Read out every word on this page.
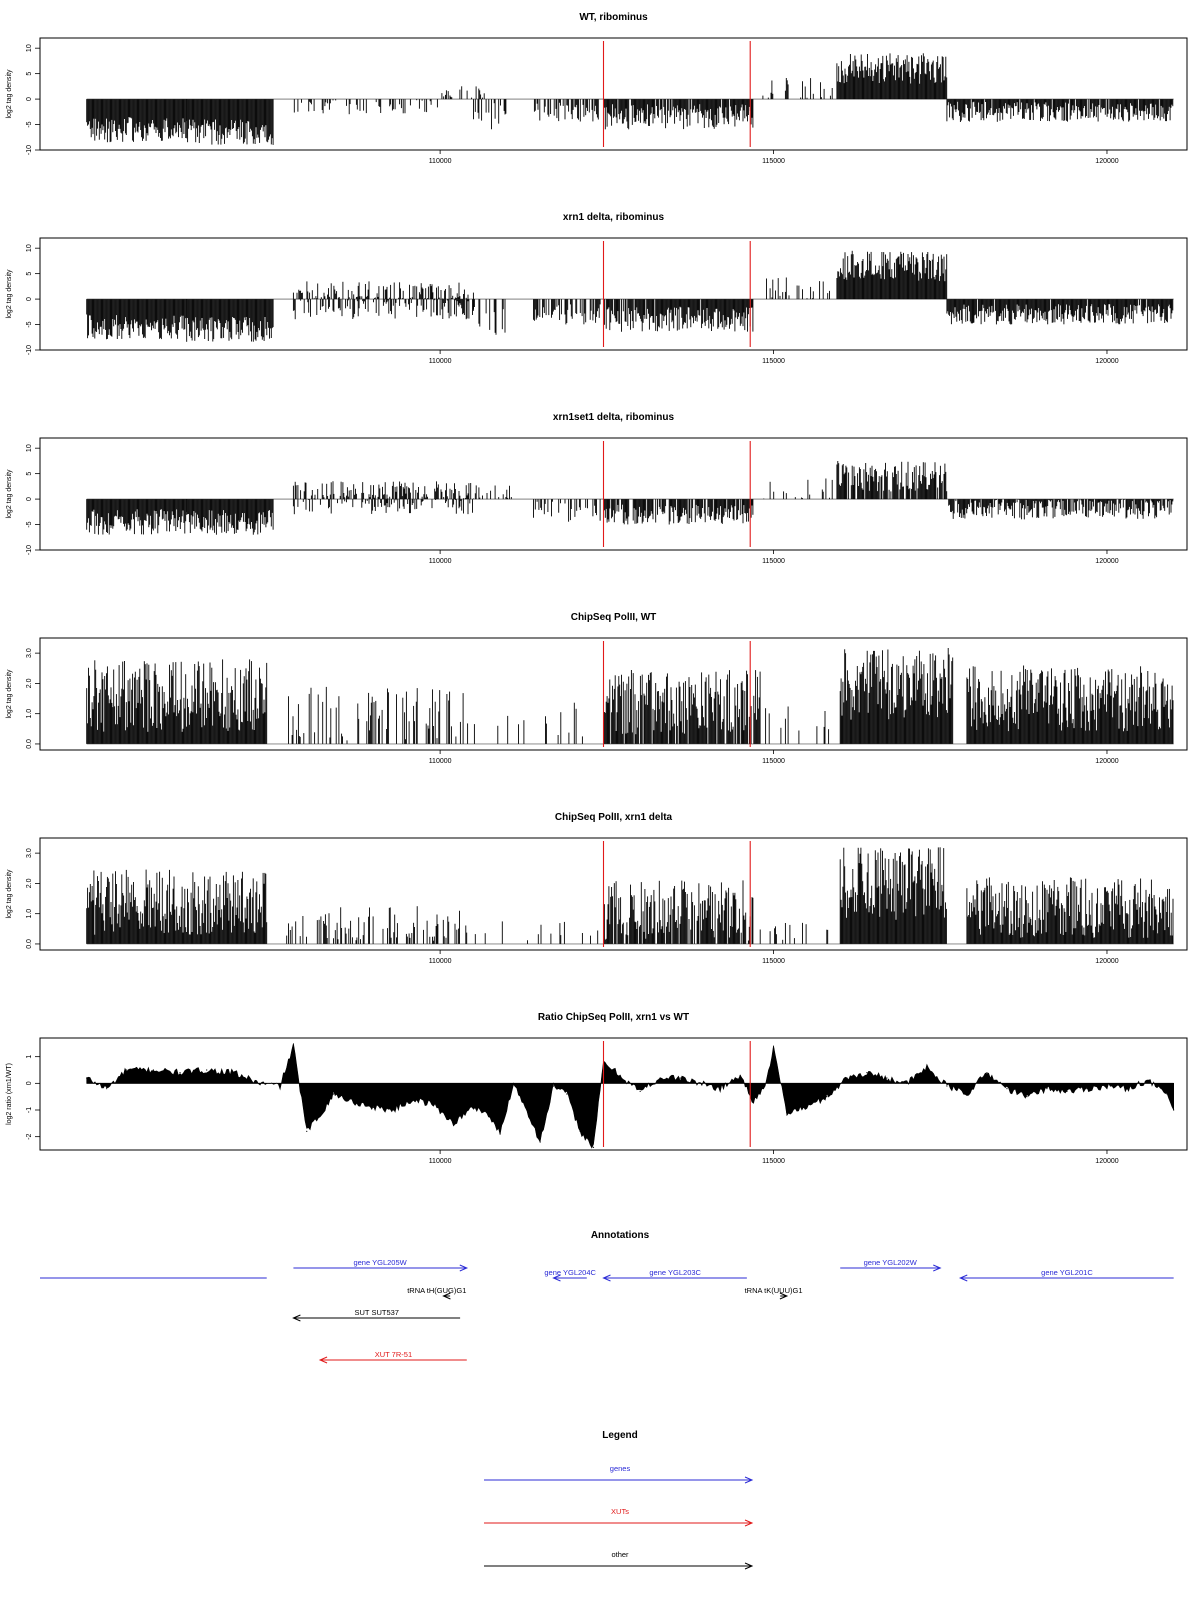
WT, ribominus
log2 tag density
-10
-5
0
5
10
110000	115000	120000
xrn1 delta, ribominus
log2 tag density
-10
-5
0
5
10
110000	115000	120000
xrn1set1 delta, ribominus
log2 tag density
-10
-5
0
5
10
110000	115000	120000
ChipSeq PolII, WT
log2 tag density
0.0
1.0
2.0
3.0
110000	115000	120000
ChipSeq PolII, xrn1 delta
log2 tag density
0.0
1.0
2.0
3.0
110000	115000	120000
Ratio ChipSeq PolII, xrn1 vs WT
log2 ratio (xrn1/WT)
-2
-1
0
1
110000	115000	120000
Annotations
gene YGL205W
gene YGL204C	gene YGL203C
gene YGL202W
gene YGL201C
tRNA tH(GUG)G1	tRNA tK(UUU)G1
SUT SUT537
XUT 7R-51
Legend
genes
XUTs
other
